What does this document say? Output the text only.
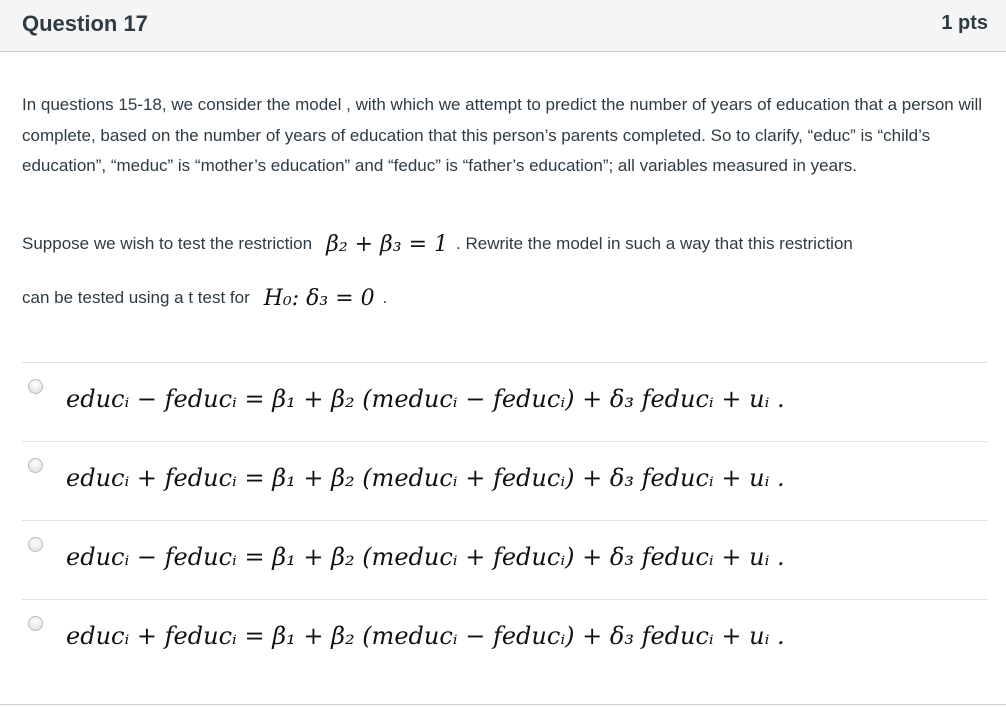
Question 17	1 pts
In questions 15-18, we consider the model , with which we attempt to predict the number of years of education that a person will complete, based on the number of years of education that this person’s parents completed. So to clarify, “educ” is “child’s education”, “meduc” is “mother’s education” and “feduc” is “father’s education”; all variables measured in years.
Suppose we wish to test the restriction β₂ + β₃ = 1 . Rewrite the model in such a way that this restriction
can be tested using a t test for H₀: δ₃ = 0 .
educᵢ − feducᵢ = β₁ + β₂ (meducᵢ − feducᵢ) + δ₃ feducᵢ + uᵢ .
educᵢ + feducᵢ = β₁ + β₂ (meducᵢ + feducᵢ) + δ₃ feducᵢ + uᵢ .
educᵢ − feducᵢ = β₁ + β₂ (meducᵢ + feducᵢ) + δ₃ feducᵢ + uᵢ .
educᵢ + feducᵢ = β₁ + β₂ (meducᵢ − feducᵢ) + δ₃ feducᵢ + uᵢ .
